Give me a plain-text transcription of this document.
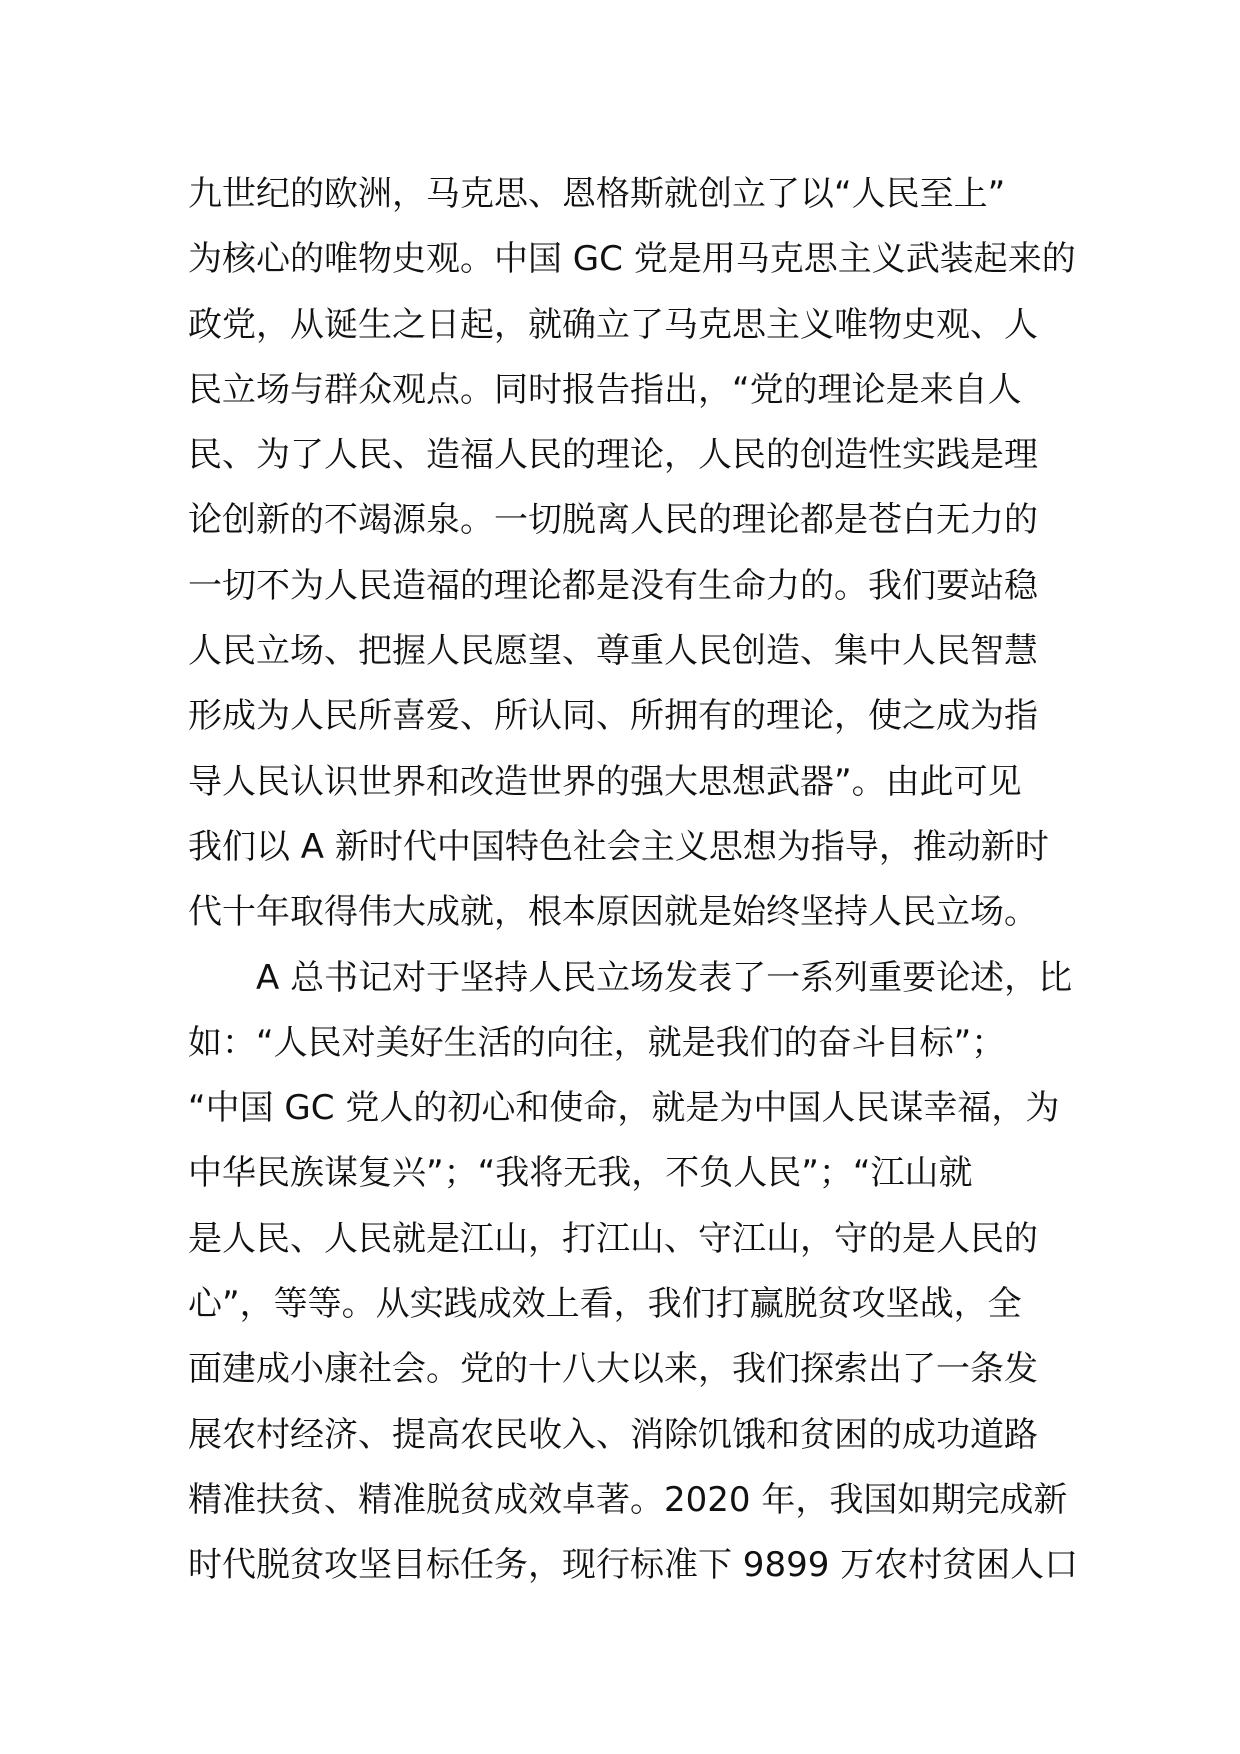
九世纪的欧洲，马克思、恩格斯就创立了以“人民至上”
为核心的唯物史观。中国 GC 党是用马克思主义武装起来的
政党，从诞生之日起，就确立了马克思主义唯物史观、人
民立场与群众观点。同时报告指出，“党的理论是来自人
民、为了人民、造福人民的理论，人民的创造性实践是理
论创新的不竭源泉。一切脱离人民的理论都是苍白无力的
一切不为人民造福的理论都是没有生命力的。我们要站稳
人民立场、把握人民愿望、尊重人民创造、集中人民智慧
形成为人民所喜爱、所认同、所拥有的理论，使之成为指
导人民认识世界和改造世界的强大思想武器”。由此可见
我们以 A 新时代中国特色社会主义思想为指导，推动新时
代十年取得伟大成就，根本原因就是始终坚持人民立场。
A 总书记对于坚持人民立场发表了一系列重要论述，比
如：“人民对美好生活的向往，就是我们的奋斗目标”；
“中国 GC 党人的初心和使命，就是为中国人民谋幸福，为
中华民族谋复兴”；“我将无我，不负人民”；“江山就
是人民、人民就是江山，打江山、守江山，守的是人民的
心”，等等。从实践成效上看，我们打赢脱贫攻坚战，全
面建成小康社会。党的十八大以来，我们探索出了一条发
展农村经济、提高农民收入、消除饥饿和贫困的成功道路
精准扶贫、精准脱贫成效卓著。2020 年，我国如期完成新
时代脱贫攻坚目标任务，现行标准下 9899 万农村贫困人口
